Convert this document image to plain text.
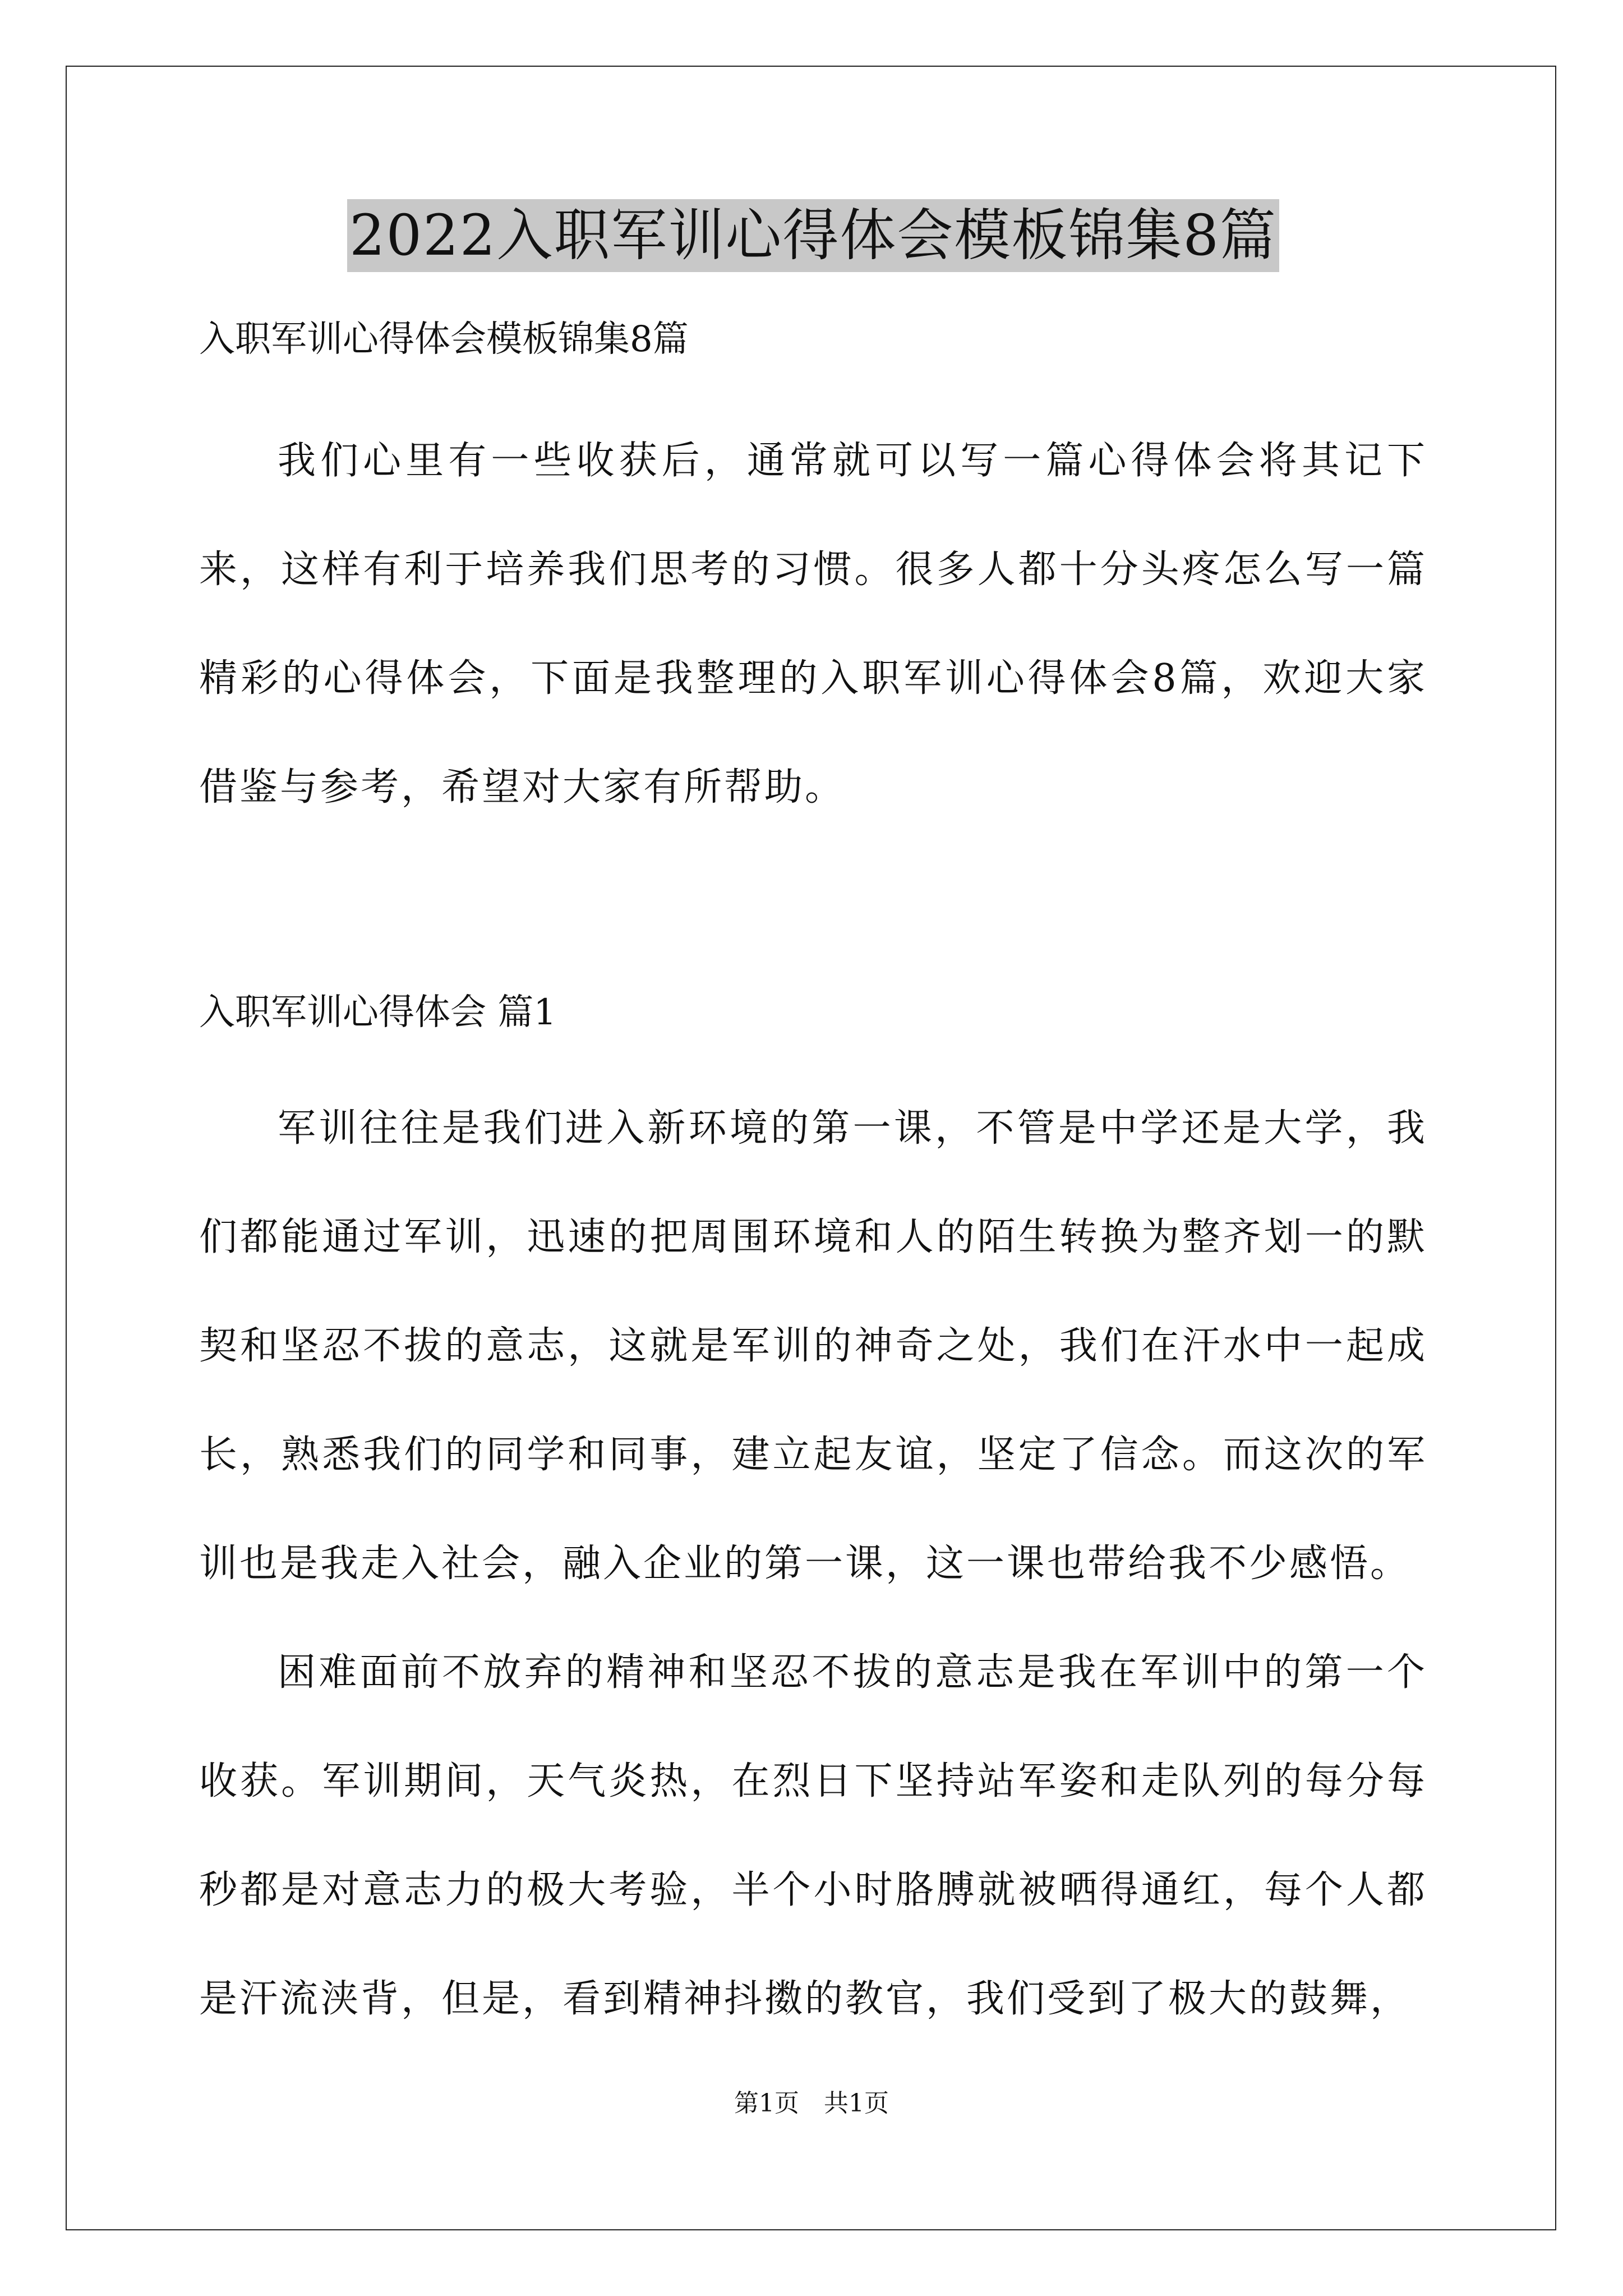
2022入职军训心得体会模板锦集8篇

入职军训心得体会模板锦集8篇

我们心里有一些收获后，通常就可以写一篇心得体会将其记下来，这样有利于培养我们思考的习惯。很多人都十分头疼怎么写一篇精彩的心得体会，下面是我整理的入职军训心得体会8篇，欢迎大家借鉴与参考，希望对大家有所帮助。

入职军训心得体会 篇1

军训往往是我们进入新环境的第一课，不管是中学还是大学，我们都能通过军训，迅速的把周围环境和人的陌生转换为整齐划一的默契和坚忍不拔的意志，这就是军训的神奇之处，我们在汗水中一起成长，熟悉我们的同学和同事，建立起友谊，坚定了信念。而这次的军训也是我走入社会，融入企业的第一课，这一课也带给我不少感悟。

困难面前不放弃的精神和坚忍不拔的意志是我在军训中的第一个收获。军训期间，天气炎热，在烈日下坚持站军姿和走队列的每分每秒都是对意志力的极大考验，半个小时胳膊就被晒得通红，每个人都是汗流浃背，但是，看到精神抖擞的教官，我们受到了极大的鼓舞，

第1页　共1页
